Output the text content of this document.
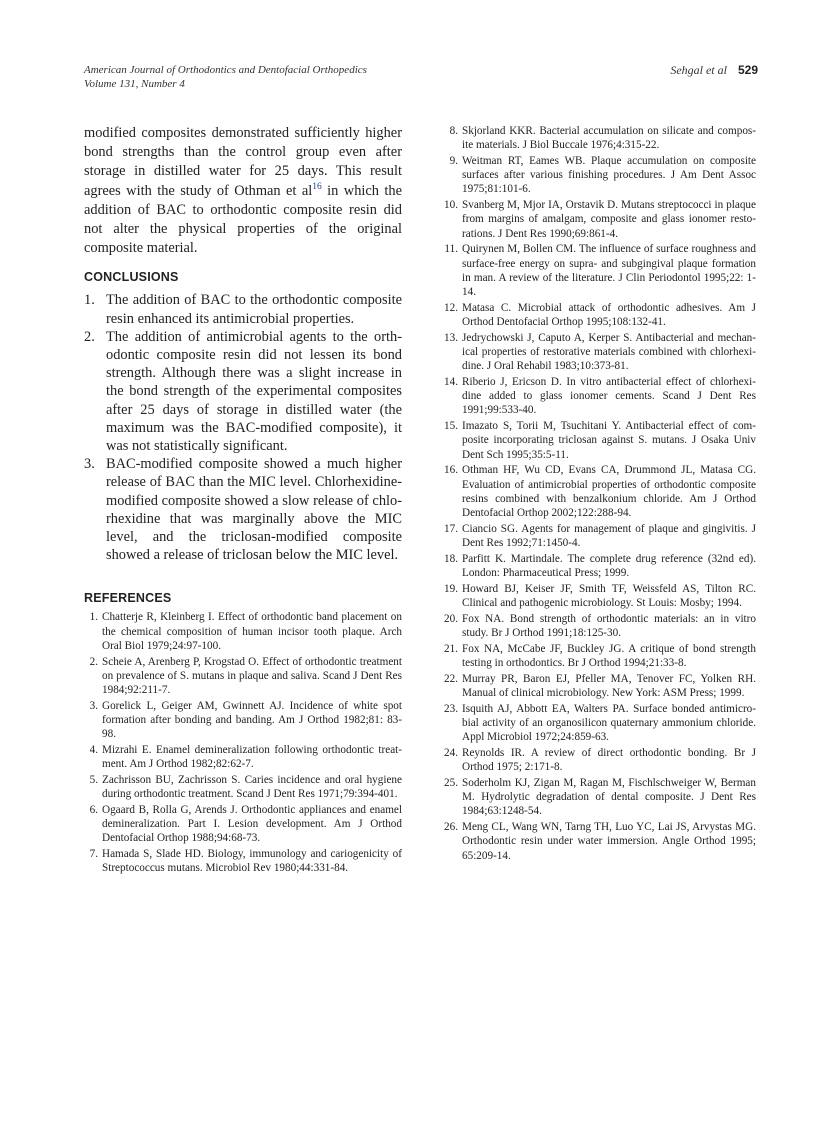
American Journal of Orthodontics and Dentofacial Orthopedics
Volume 131, Number 4
Sehgal et al 529

modified composites demonstrated sufficiently higher bond strengths than the control group even after storage in distilled water for 25 days. This result agrees with the study of Othman et al$^{16}$ in which the addition of BAC to orthodontic composite resin did not alter the physical properties of the original composite material.

CONCLUSIONS
1. The addition of BAC to the orthodontic composite resin enhanced its antimicrobial properties.
2. The addition of antimicrobial agents to the orth-odontic composite resin did not lessen its bond strength. Although there was a slight increase in the bond strength of the experimental composites after 25 days of storage in distilled water (the maximum was the BAC-modified composite), it was not statistically significant.
3. BAC-modified composite showed a much higher release of BAC than the MIC level. Chlorhexidine-modified composite showed a slow release of chlo-rhexidine that was marginally above the MIC level, and the triclosan-modified composite showed a release of triclosan below the MIC level.
REFERENCES
1. Chatterje R, Kleinberg I. Effect of orthodontic band placement on the chemical composition of human incisor tooth plaque. Arch Oral Biol 1979;24:97-100.
2. Scheie A, Arenberg P, Krogstad O. Effect of orthodontic treatment on prevalence of S. mutans in plaque and saliva. Scand J Dent Res 1984;92:211-7.
3. Gorelick L, Geiger AM, Gwinnett AJ. Incidence of white spot formation after bonding and banding. Am J Orthod 1982;81: 83-98.
4. Mizrahi E. Enamel demineralization following orthodontic treat-ment. Am J Orthod 1982;82:62-7.
5. Zachrisson BU, Zachrisson S. Caries incidence and oral hygiene during orthodontic treatment. Scand J Dent Res 1971;79:394-401.
6. Ogaard B, Rolla G, Arends J. Orthodontic appliances and enamel demineralization. Part I. Lesion development. Am J Orthod Dentofacial Orthop 1988;94:68-73.
7. Hamada S, Slade HD. Biology, immunology and cariogenicity of Streptococcus mutans. Microbiol Rev 1980;44:331-84.
8. Skjorland KKR. Bacterial accumulation on silicate and compos-ite materials. J Biol Buccale 1976;4:315-22.
9. Weitman RT, Eames WB. Plaque accumulation on composite surfaces after various finishing procedures. J Am Dent Assoc 1975;81:101-6.
10. Svanberg M, Mjor IA, Orstavik D. Mutans streptococci in plaque from margins of amalgam, composite and glass ionomer resto-rations. J Dent Res 1990;69:861-4.
11. Quirynen M, Bollen CM. The influence of surface roughness and surface-free energy on supra- and subgingival plaque formation in man. A review of the literature. J Clin Periodontol 1995;22: 1-14.
12. Matasa C. Microbial attack of orthodontic adhesives. Am J Orthod Dentofacial Orthop 1995;108:132-41.
13. Jedrychowski J, Caputo A, Kerper S. Antibacterial and mechan-ical properties of restorative materials combined with chlorhexi-dine. J Oral Rehabil 1983;10:373-81.
14. Riberio J, Ericson D. In vitro antibacterial effect of chlorhexi-dine added to glass ionomer cements. Scand J Dent Res 1991;99:533-40.
15. Imazato S, Torii M, Tsuchitani Y. Antibacterial effect of com-posite incorporating triclosan against S. mutans. J Osaka Univ Dent Sch 1995;35:5-11.
16. Othman HF, Wu CD, Evans CA, Drummond JL, Matasa CG. Evaluation of antimicrobial properties of orthodontic composite resins combined with benzalkonium chloride. Am J Orthod Dentofacial Orthop 2002;122:288-94.
17. Ciancio SG. Agents for management of plaque and gingivitis. J Dent Res 1992;71:1450-4.
18. Parfitt K. Martindale. The complete drug reference (32nd ed). London: Pharmaceutical Press; 1999.
19. Howard BJ, Keiser JF, Smith TF, Weissfeld AS, Tilton RC. Clinical and pathogenic microbiology. St Louis: Mosby; 1994.
20. Fox NA. Bond strength of orthodontic materials: an in vitro study. Br J Orthod 1991;18:125-30.
21. Fox NA, McCabe JF, Buckley JG. A critique of bond strength testing in orthodontics. Br J Orthod 1994;21:33-8.
22. Murray PR, Baron EJ, Pfeller MA, Tenover FC, Yolken RH. Manual of clinical microbiology. New York: ASM Press; 1999.
23. Isquith AJ, Abbott EA, Walters PA. Surface bonded antimicro-bial activity of an organosilicon quaternary ammonium chloride. Appl Microbiol 1972;24:859-63.
24. Reynolds IR. A review of direct orthodontic bonding. Br J Orthod 1975; 2:171-8.
25. Soderholm KJ, Zigan M, Ragan M, Fischlschweiger W, Berman M. Hydrolytic degradation of dental composite. J Dent Res 1984;63:1248-54.
26. Meng CL, Wang WN, Tarng TH, Luo YC, Lai JS, Arvystas MG. Orthodontic resin under water immersion. Angle Orthod 1995; 65:209-14.
